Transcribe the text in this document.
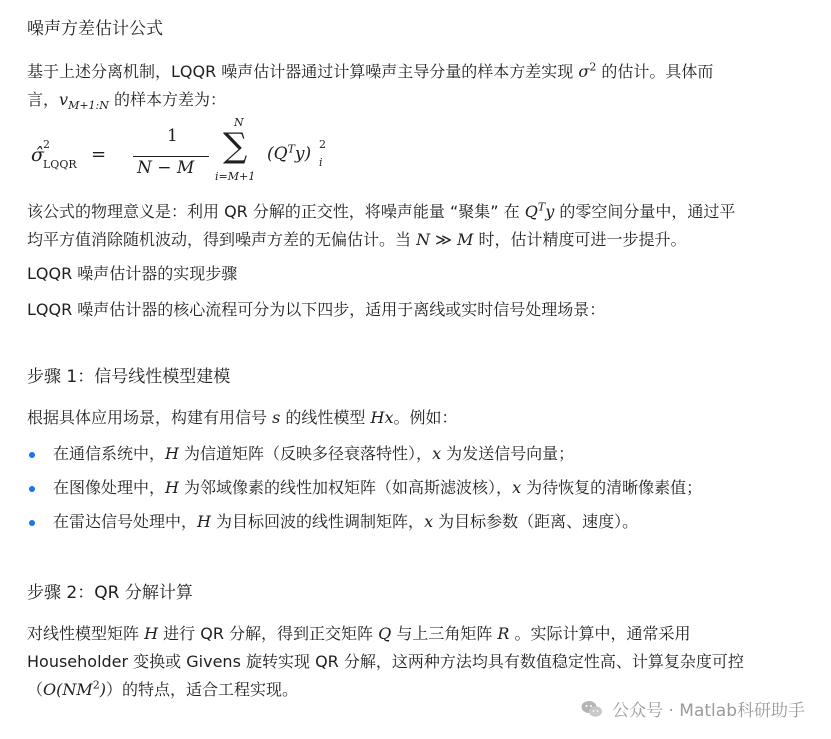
噪声方差估计公式
基于上述分离机制，LQQR 噪声估计器通过计算噪声主导分量的样本方差实现 $\sigma^2$ 的估计。具体而
言，$v_{M+1:N}$ 的样本方差为：
σ̂ 2
LQQR =
1
N − M
N
∑
i=M+1
$(Q^Ty)$ 2
i
该公式的物理意义是：利用 QR 分解的正交性，将噪声能量 “聚集” 在 $Q^Ty$ 的零空间分量中，通过平
均平方值消除随机波动，得到噪声方差的无偏估计。当 N ≫ M 时，估计精度可进一步提升。
LQQR 噪声估计器的实现步骤
LQQR 噪声估计器的核心流程可分为以下四步，适用于离线或实时信号处理场景：
步骤 1：信号线性模型建模
根据具体应用场景，构建有用信号 s 的线性模型 Hx。例如：
在通信系统中，H 为信道矩阵（反映多径衰落特性），x 为发送信号向量；
在图像处理中，H 为邻域像素的线性加权矩阵（如高斯滤波核），x 为待恢复的清晰像素值；
在雷达信号处理中，H 为目标回波的线性调制矩阵，x 为目标参数（距离、速度）。
步骤 2：QR 分解计算
对线性模型矩阵 H 进行 QR 分解，得到正交矩阵 Q 与上三角矩阵 R 。实际计算中，通常采用
Householder 变换或 Givens 旋转实现 QR 分解，这两种方法均具有数值稳定性高、计算复杂度可控
$(O(NM^2))$的特点，适合工程实现。
公众号 · Matlab科研助手
